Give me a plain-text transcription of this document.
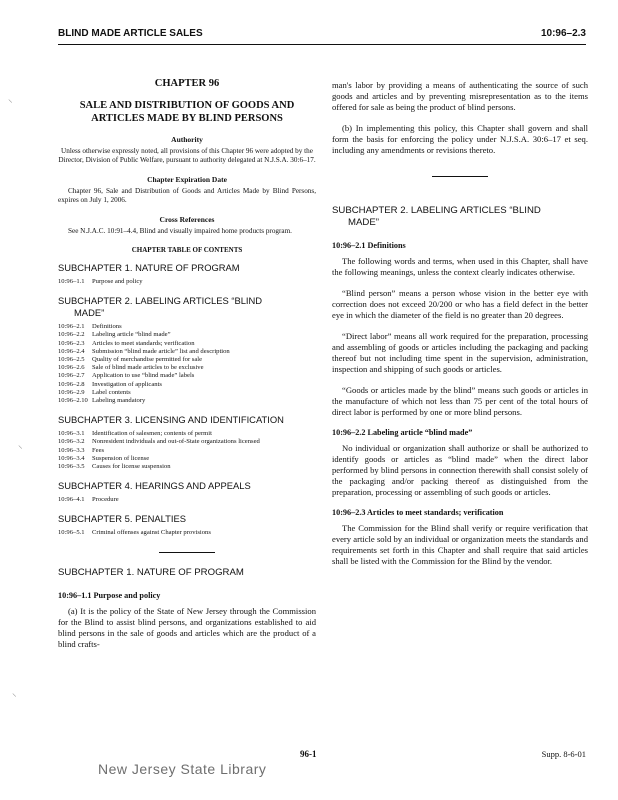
BLIND MADE ARTICLE SALES	10:96–2.3
⸜
⸜
⸜
CHAPTER 96
SALE AND DISTRIBUTION OF GOODS AND
ARTICLES MADE BY BLIND PERSONS
Authority
Unless otherwise expressly noted, all provisions of this Chapter 96 were adopted by the Director, Division of Public Welfare, pursuant to authority delegated at N.J.S.A. 30:6–17.
Chapter Expiration Date
Chapter 96, Sale and Distribution of Goods and Articles Made by Blind Persons, expires on July 1, 2006.
Cross References
See N.J.A.C. 10:91–4.4, Blind and visually impaired home products program.
CHAPTER TABLE OF CONTENTS
SUBCHAPTER 1. NATURE OF PROGRAM
10:96–1.1	Purpose and policy
SUBCHAPTER 2. LABELING ARTICLES “BLIND
MADE”
10:96–2.1	Definitions
10:96–2.2	Labeling article “blind made”
10:96–2.3	Articles to meet standards; verification
10:96–2.4	Submission “blind made article” list and description
10:96–2.5	Quality of merchandise permitted for sale
10:96–2.6	Sale of blind made articles to be exclusive
10:96–2.7	Application to use “blind made” labels
10:96–2.8	Investigation of applicants
10:96–2.9	Label contents
10:96–2.10 Labeling mandatory
SUBCHAPTER 3. LICENSING AND IDENTIFICATION
10:96–3.1	Identification of salesmen; contents of permit
10:96–3.2	Nonresident individuals and out-of-State organizations licensed
10:96–3.3	Fees
10:96–3.4	Suspension of license
10:96–3.5	Causes for license suspension
SUBCHAPTER 4. HEARINGS AND APPEALS
10:96–4.1	Procedure
SUBCHAPTER 5. PENALTIES
10:96–5.1	Criminal offenses against Chapter provisions
SUBCHAPTER 1. NATURE OF PROGRAM
10:96–1.1 Purpose and policy
(a) It is the policy of the State of New Jersey through the Commission for the Blind to assist blind persons, and organizations established to aid blind persons in the sale of goods and articles which are the product of a blind crafts-
man's labor by providing a means of authenticating the source of such goods and articles and by preventing misrepresentation as to the items offered for sale as being the product of blind persons.
(b) In implementing this policy, this Chapter shall govern and shall form the basis for enforcing the policy under N.J.S.A. 30:6–17 et seq. including any amendments or revisions thereto.
SUBCHAPTER 2. LABELING ARTICLES “BLIND
MADE”
10:96–2.1 Definitions
The following words and terms, when used in this Chapter, shall have the following meanings, unless the context clearly indicates otherwise.
“Blind person” means a person whose vision in the better eye with correction does not exceed 20/200 or who has a field defect in the better eye in which the diameter of the field is no greater than 20 degrees.
“Direct labor” means all work required for the preparation, processing and assembling of goods or articles including the packaging and packing thereof but not including time spent in the supervision, administration, inspection and shipping of such goods or articles.
“Goods or articles made by the blind” means such goods or articles in the manufacture of which not less than 75 per cent of the total hours of direct labor is performed by one or more blind persons.
10:96–2.2 Labeling article “blind made”
No individual or organization shall authorize or shall be authorized to identify goods or articles as “blind made” when the direct labor performed by blind persons in connection therewith shall consist solely of the packaging and/or packing thereof as distinguished from the preparation, processing or assembling of such goods or articles.
10:96–2.3 Articles to meet standards; verification
The Commission for the Blind shall verify or require verification that every article sold by an individual or organization meets the standards and requirements set forth in this Chapter and shall require that said articles shall be listed with the Commission for the Blind by the vendor.
96-1	Supp. 8-6-01
New Jersey State Library
